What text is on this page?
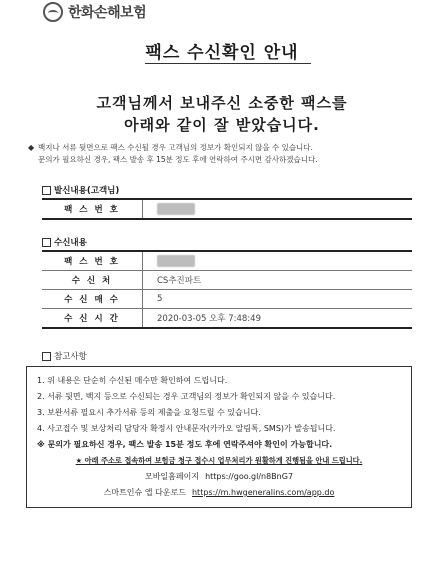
한화손해보험
팩스 수신확인 안내
고객님께서 보내주신 소중한 팩스를
아래와 같이 잘 받았습니다.
◆ 백지나 서류 뒷면으로 팩스 수신될 경우 고객님의 정보가 확인되지 않을 수 있습니다.
문의가 필요하신 경우, 팩스 발송 후 15분 정도 후에 연락하여 주시면 감사하겠습니다.
발신내용(고객님)
팩 스 번 호	
수신내용
팩 스 번 호	
수 신 처	CS추진파트
수 신 매 수	5
수 신 시 간	2020-03-05 오후 7:48:49
참고사항
1. 위 내용은 단순히 수신된 매수만 확인하여 드립니다.
2. 서류 뒷면, 백지 등으로 수신되는 경우 고객님의 정보가 확인되지 않을 수 있습니다.
3. 보완서류 필요시 추가서류 등의 제출을 요청드릴 수 있습니다.
4. 사고접수 및 보상처리 담당자 확정시 안내문자(카카오 알림톡, SMS)가 발송됩니다.
※ 문의가 필요하신 경우, 팩스 발송 15분 정도 후에 연락주셔야 확인이 가능합니다.
★ 아래 주소로 접속하여 보험금 청구 접수시 업무처리가 원활하게 진행됨을 안내 드립니다.
모바일홈페이지 https://goo.gl/n8BnG7
스마트인슈 앱 다운로드 https://m.hwgeneralins.com/app.do
